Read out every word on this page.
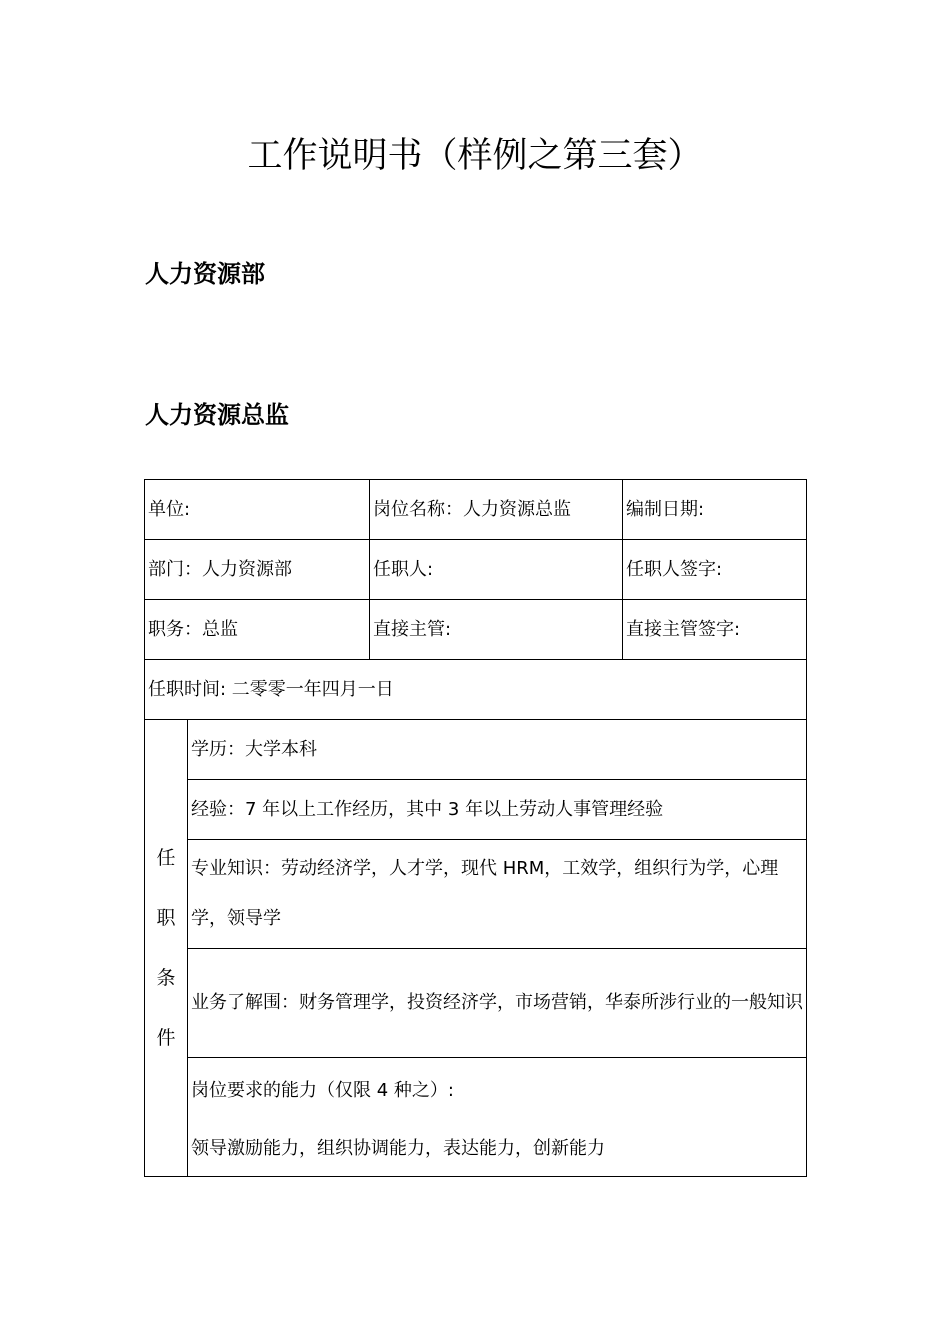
工作说明书（样例之第三套）
人力资源部
人力资源总监
单位:		岗位名称：人力资源总监	编制日期:
部门：人力资源部		任职人:	任职人签字:
职务：总监		直接主管:	直接主管签字:
任职时间: 二零零一年四月一日			

任
职
条
件	学历：大学本科		
	经验：7 年以上工作经历，其中 3 年以上劳动人事管理经验		
	专业知识：劳动经济学，人才学，现代 HRM，工效学，组织行为学，心理学，领导学		
	业务了解围：财务管理学，投资经济学，市场营销，华泰所涉行业的一般知识		

	岗位要求的能力（仅限 4 种之）:
领导激励能力，组织协调能力，表达能力，创新能力		
